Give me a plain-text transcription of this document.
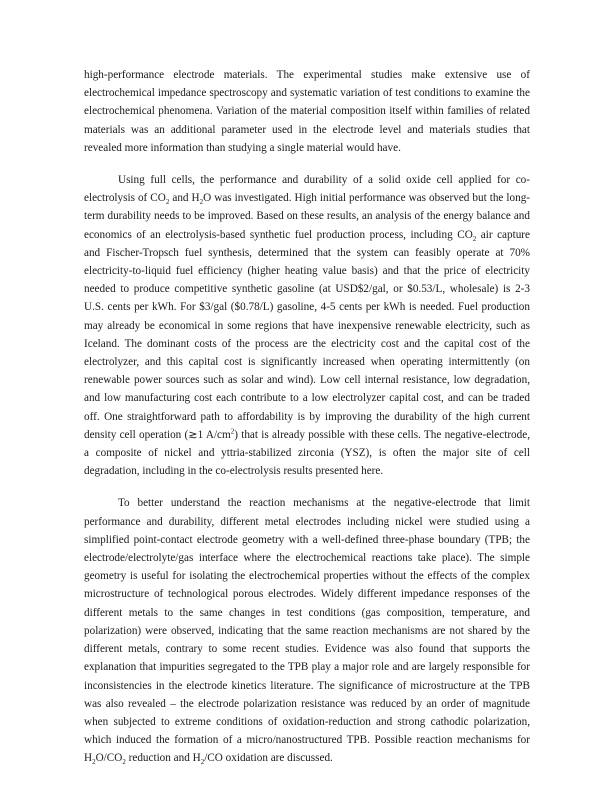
high-performance electrode materials. The experimental studies make extensive use of electrochemical impedance spectroscopy and systematic variation of test conditions to examine the electrochemical phenomena. Variation of the material composition itself within families of related materials was an additional parameter used in the electrode level and materials studies that revealed more information than studying a single material would have.

Using full cells, the performance and durability of a solid oxide cell applied for co-electrolysis of $CO_2$ and $H_2O$ was investigated. High initial performance was observed but the long-term durability needs to be improved. Based on these results, an analysis of the energy balance and economics of an electrolysis-based synthetic fuel production process, including $CO_2$ air capture and Fischer-Tropsch fuel synthesis, determined that the system can feasibly operate at 70% electricity-to-liquid fuel efficiency (higher heating value basis) and that the price of electricity needed to produce competitive synthetic gasoline (at USD$2/gal, or $0.53/L, wholesale) is 2-3 U.S. cents per kWh. For $3/gal ($0.78/L) gasoline, 4-5 cents per kWh is needed. Fuel production may already be economical in some regions that have inexpensive renewable electricity, such as Iceland. The dominant costs of the process are the electricity cost and the capital cost of the electrolyzer, and this capital cost is significantly increased when operating intermittently (on renewable power sources such as solar and wind). Low cell internal resistance, low degradation, and low manufacturing cost each contribute to a low electrolyzer capital cost, and can be traded off. One straightforward path to affordability is by improving the durability of the high current density cell operation (≳1 $A/cm^2$) that is already possible with these cells. The negative-electrode, a composite of nickel and yttria-stabilized zirconia (YSZ), is often the major site of cell degradation, including in the co-electrolysis results presented here.

To better understand the reaction mechanisms at the negative-electrode that limit performance and durability, different metal electrodes including nickel were studied using a simplified point-contact electrode geometry with a well-defined three-phase boundary (TPB; the electrode/electrolyte/gas interface where the electrochemical reactions take place). The simple geometry is useful for isolating the electrochemical properties without the effects of the complex microstructure of technological porous electrodes. Widely different impedance responses of the different metals to the same changes in test conditions (gas composition, temperature, and polarization) were observed, indicating that the same reaction mechanisms are not shared by the different metals, contrary to some recent studies. Evidence was also found that supports the explanation that impurities segregated to the TPB play a major role and are largely responsible for inconsistencies in the electrode kinetics literature. The significance of microstructure at the TPB was also revealed – the electrode polarization resistance was reduced by an order of magnitude when subjected to extreme conditions of oxidation-reduction and strong cathodic polarization, which induced the formation of a micro/nanostructured TPB. Possible reaction mechanisms for $H_2O/CO_2$ reduction and $H_2/CO$ oxidation are discussed.
